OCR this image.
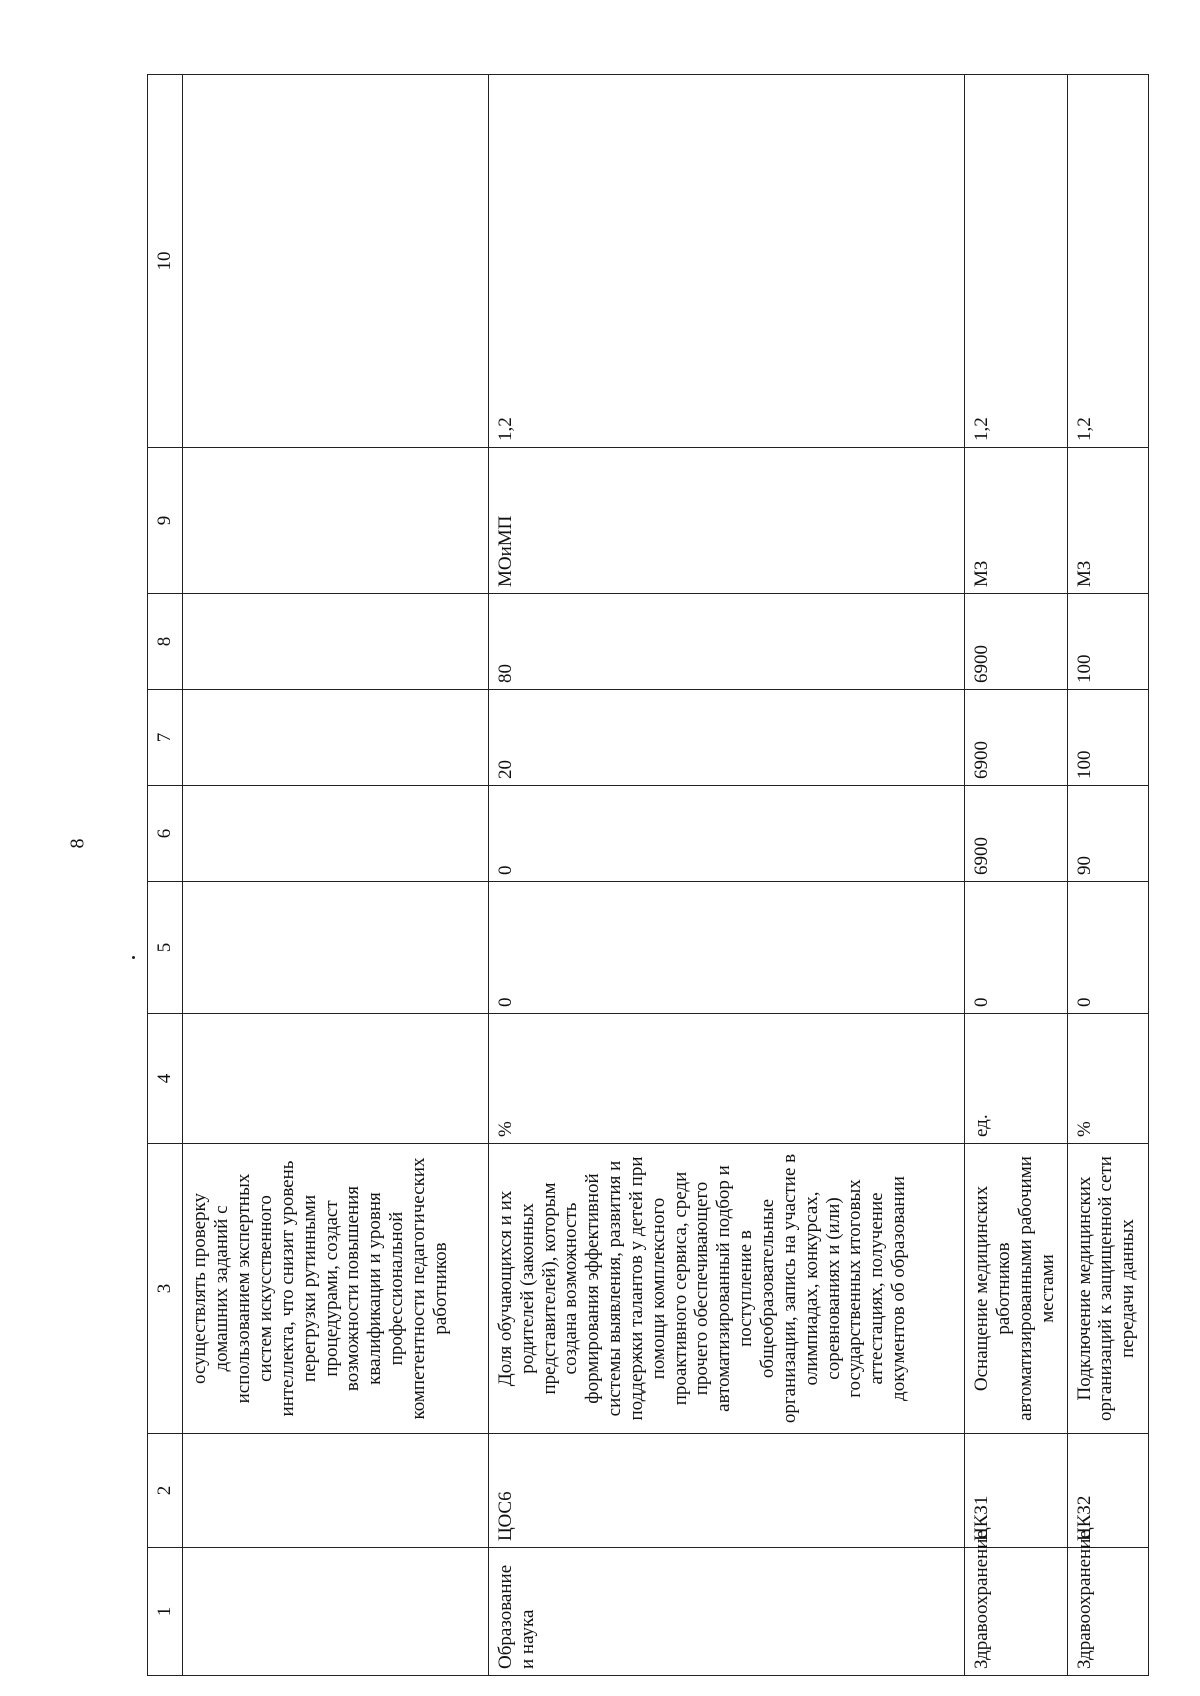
8
1	2	3	4	5	6	7	8	9	10
		осуществлять проверку домашних заданий с использованием экспертных систем искусственного интеллекта, что снизит уровень перегрузки рутинными процедурами, создаст возможности повышения квалификации и уровня профессиональной компетентности педагогических работников							
Образование и наука	ЦОС6	Доля обучающихся и их родителей (законных представителей), которым создана возможность формирования эффективной системы выявления, развития и поддержки талантов у детей при помощи комплексного проактивного сервиса, среди прочего обеспечивающего автоматизированный подбор и поступление в общеобразовательные организации, запись на участие в олимпиадах, конкурсах, соревнованиях и (или) государственных итоговых аттестациях, получение документов об образовании	%	0	0	20	80	МОиМП	1,2
Здравоохранение	ЦКЗ1	Оснащение медицинских работников автоматизированными рабочими местами	ед.	0	6900	6900	6900	МЗ	1,2
Здравоохранение	ЦКЗ2	Подключение медицинских организаций к защищенной сети передачи данных	%	0	90	100	100	МЗ	1,2
